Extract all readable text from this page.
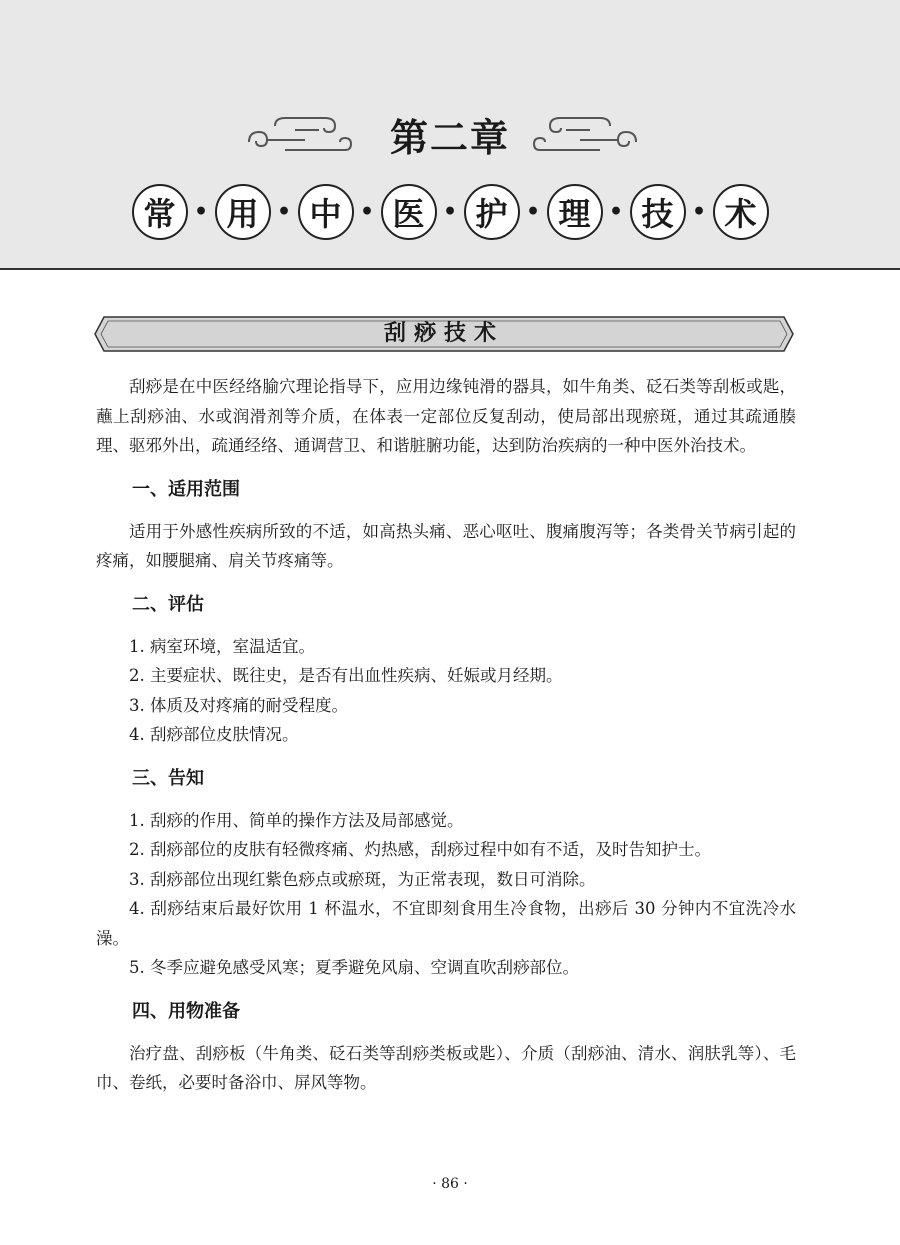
第二章
常 • 用 • 中 • 医 • 护 • 理 • 技 • 术
刮痧技术

刮痧是在中医经络腧穴理论指导下，应用边缘钝滑的器具，如牛角类、砭石类等刮板或匙，蘸上刮痧油、水或润滑剂等介质，在体表一定部位反复刮动，使局部出现瘀斑，通过其疏通腠理、驱邪外出，疏通经络、通调营卫、和谐脏腑功能，达到防治疾病的一种中医外治技术。

一、适用范围

适用于外感性疾病所致的不适，如高热头痛、恶心呕吐、腹痛腹泻等；各类骨关节病引起的疼痛，如腰腿痛、肩关节疼痛等。

二、评估

1. 病室环境，室温适宜。

2. 主要症状、既往史，是否有出血性疾病、妊娠或月经期。

3. 体质及对疼痛的耐受程度。

4. 刮痧部位皮肤情况。

三、告知

1. 刮痧的作用、简单的操作方法及局部感觉。

2. 刮痧部位的皮肤有轻微疼痛、灼热感，刮痧过程中如有不适，及时告知护士。

3. 刮痧部位出现红紫色痧点或瘀斑，为正常表现，数日可消除。

4. 刮痧结束后最好饮用 1 杯温水，不宜即刻食用生冷食物，出痧后 30 分钟内不宜洗冷水澡。

5. 冬季应避免感受风寒；夏季避免风扇、空调直吹刮痧部位。

四、用物准备

治疗盘、刮痧板（牛角类、砭石类等刮痧类板或匙）、介质（刮痧油、清水、润肤乳等）、毛巾、卷纸，必要时备浴巾、屏风等物。

· 86 ·
